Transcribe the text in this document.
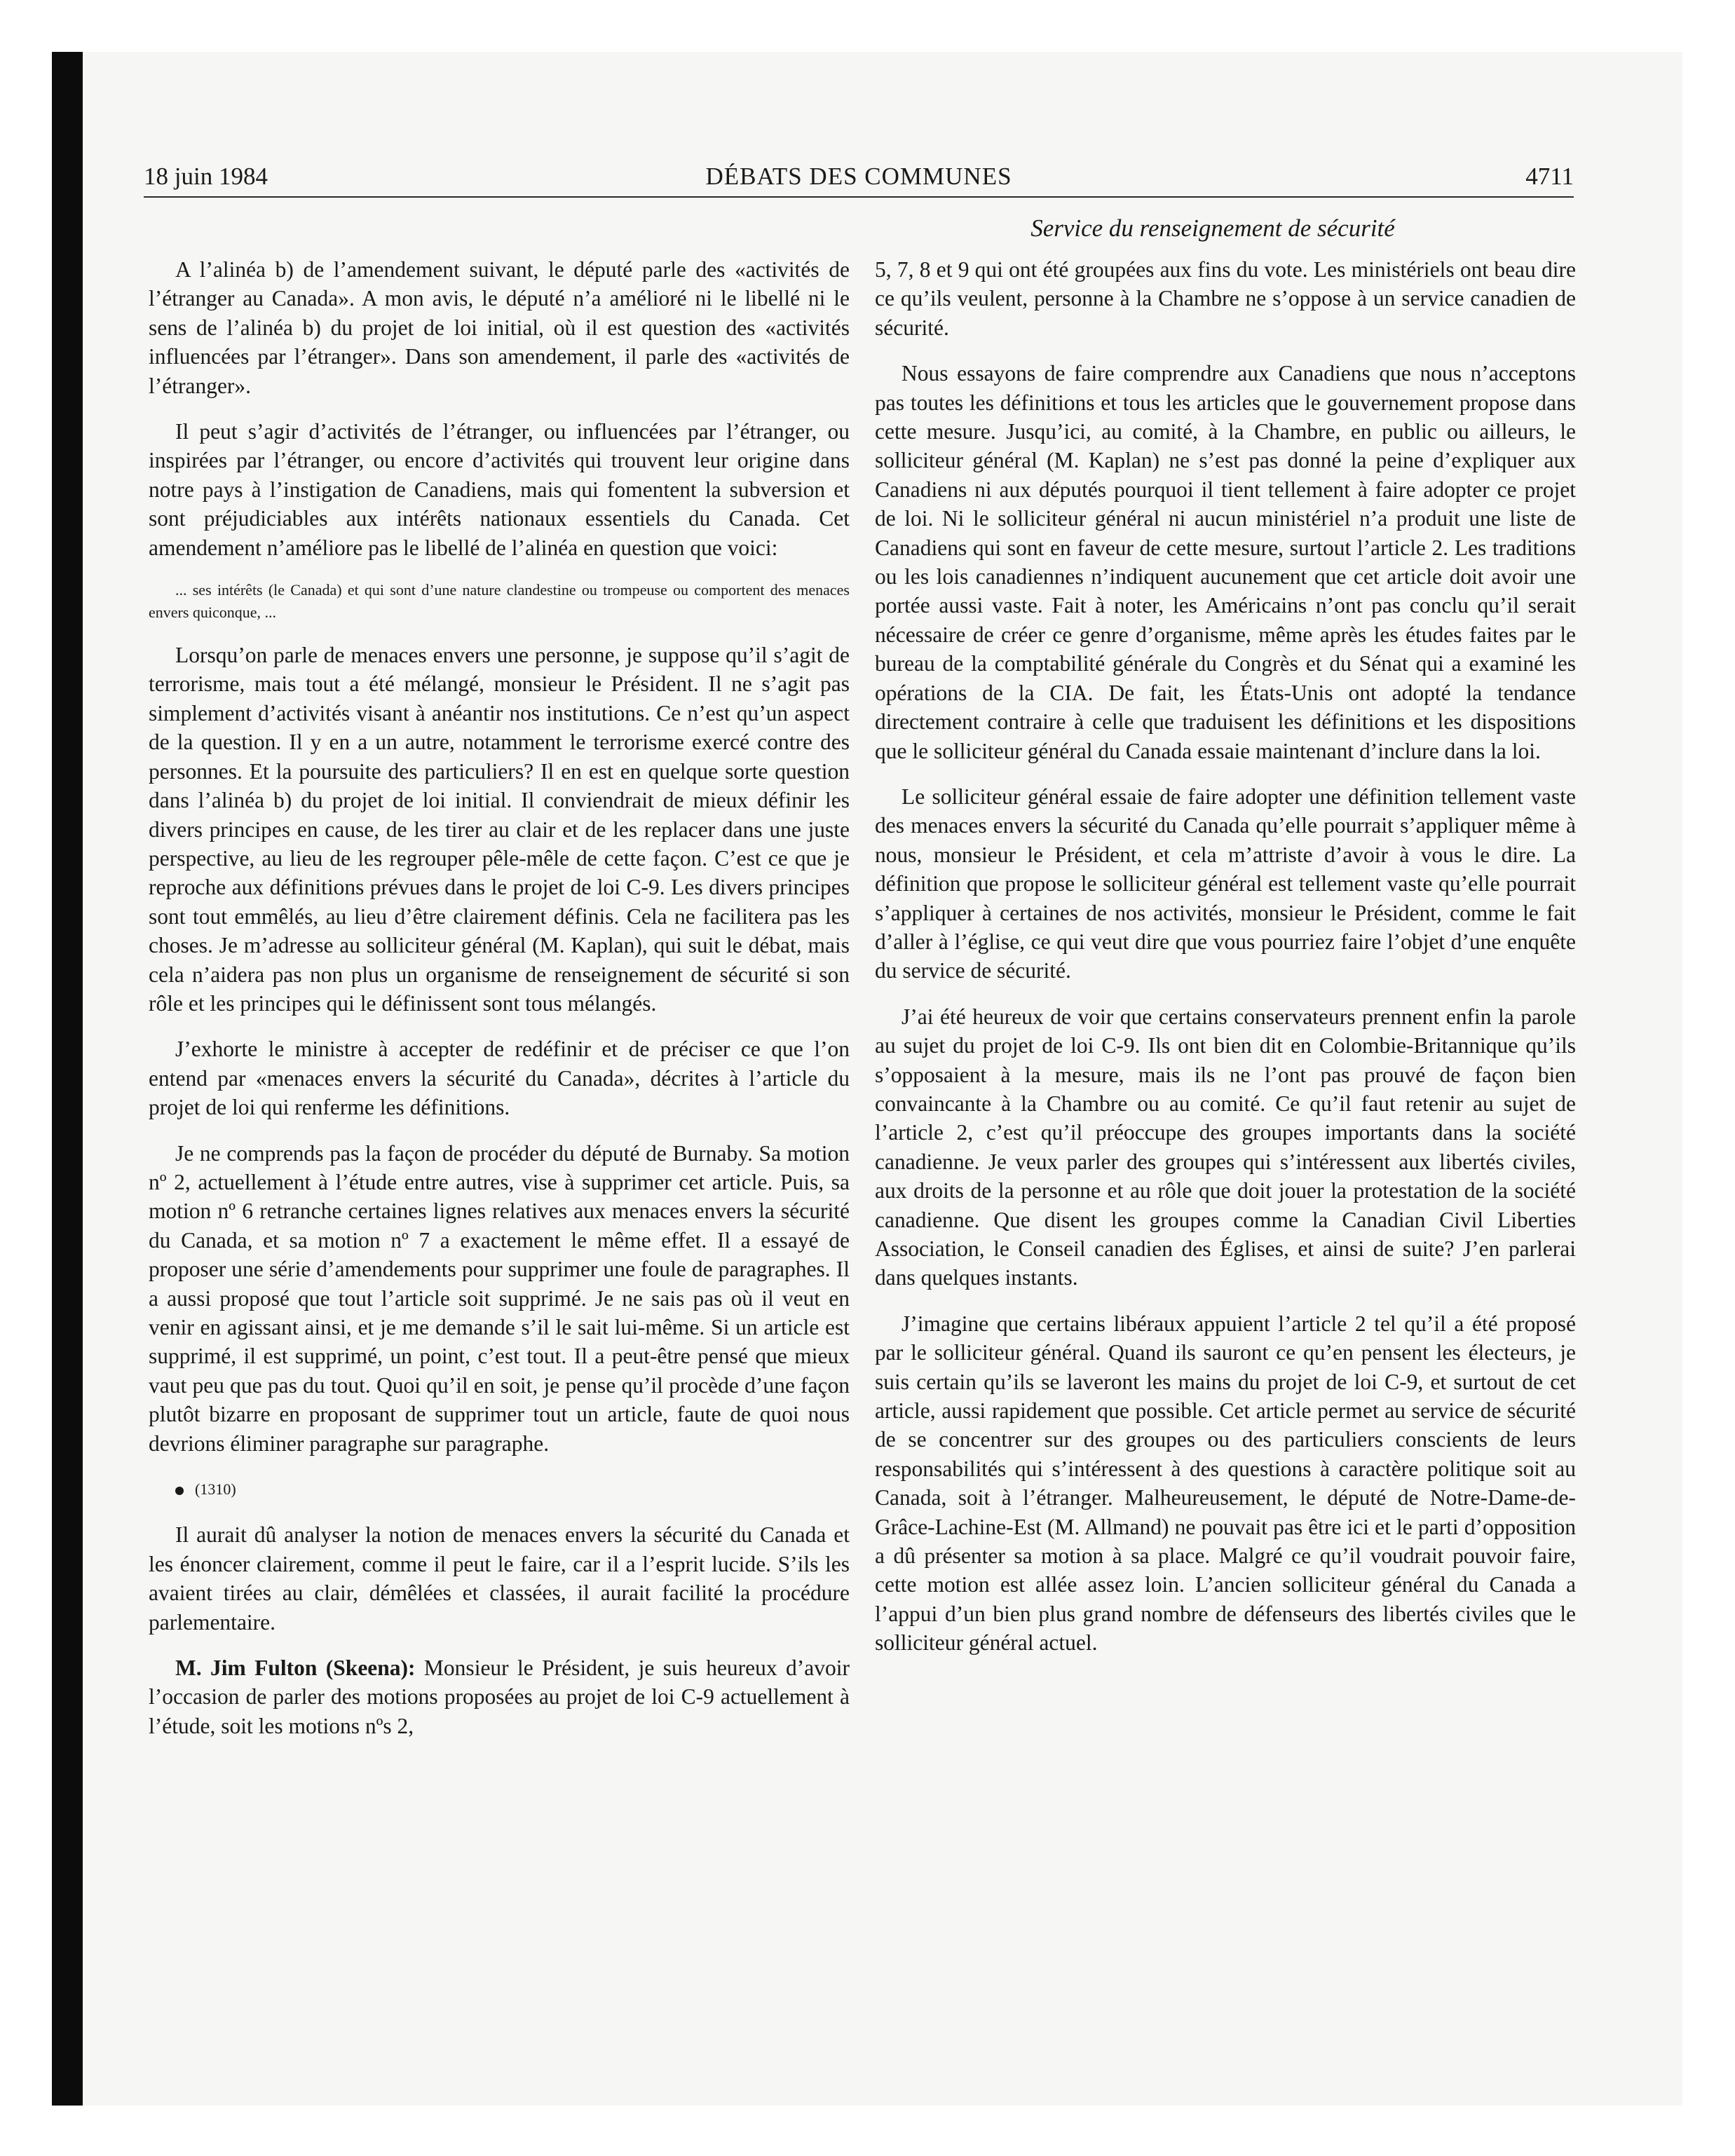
18 juin 1984	DÉBATS DES COMMUNES	4711
Service du renseignement de sécurité

A l’alinéa b) de l’amendement suivant, le député parle des «activités de l’étranger au Canada». A mon avis, le député n’a amélioré ni le libellé ni le sens de l’alinéa b) du projet de loi initial, où il est question des «activités influencées par l’étranger». Dans son amendement, il parle des «activités de l’étranger».

Il peut s’agir d’activités de l’étranger, ou influencées par l’étranger, ou inspirées par l’étranger, ou encore d’activités qui trouvent leur origine dans notre pays à l’instigation de Canadiens, mais qui fomentent la subversion et sont préjudiciables aux intérêts nationaux essentiels du Canada. Cet amendement n’améliore pas le libellé de l’alinéa en question que voici:

... ses intérêts (le Canada) et qui sont d’une nature clandestine ou trompeuse ou comportent des menaces envers quiconque, ...

Lorsqu’on parle de menaces envers une personne, je suppose qu’il s’agit de terrorisme, mais tout a été mélangé, monsieur le Président. Il ne s’agit pas simplement d’activités visant à anéantir nos institutions. Ce n’est qu’un aspect de la question. Il y en a un autre, notamment le terrorisme exercé contre des personnes. Et la poursuite des particuliers? Il en est en quelque sorte question dans l’alinéa b) du projet de loi initial. Il conviendrait de mieux définir les divers principes en cause, de les tirer au clair et de les replacer dans une juste perspective, au lieu de les regrouper pêle-mêle de cette façon. C’est ce que je reproche aux définitions prévues dans le projet de loi C-9. Les divers principes sont tout emmêlés, au lieu d’être clairement définis. Cela ne facilitera pas les choses. Je m’adresse au solliciteur général (M. Kaplan), qui suit le débat, mais cela n’aidera pas non plus un organisme de renseignement de sécurité si son rôle et les principes qui le définissent sont tous mélangés.

J’exhorte le ministre à accepter de redéfinir et de préciser ce que l’on entend par «menaces envers la sécurité du Canada», décrites à l’article du projet de loi qui renferme les définitions.

Je ne comprends pas la façon de procéder du député de Burnaby. Sa motion nº 2, actuellement à l’étude entre autres, vise à supprimer cet article. Puis, sa motion nº 6 retranche certaines lignes relatives aux menaces envers la sécurité du Canada, et sa motion nº 7 a exactement le même effet. Il a essayé de proposer une série d’amendements pour supprimer une foule de paragraphes. Il a aussi proposé que tout l’article soit supprimé. Je ne sais pas où il veut en venir en agissant ainsi, et je me demande s’il le sait lui-même. Si un article est supprimé, il est supprimé, un point, c’est tout. Il a peut-être pensé que mieux vaut peu que pas du tout. Quoi qu’il en soit, je pense qu’il procède d’une façon plutôt bizarre en proposant de supprimer tout un article, faute de quoi nous devrions éliminer paragraphe sur paragraphe.

(1310)

Il aurait dû analyser la notion de menaces envers la sécurité du Canada et les énoncer clairement, comme il peut le faire, car il a l’esprit lucide. S’ils les avaient tirées au clair, démêlées et classées, il aurait facilité la procédure parlementaire.

M. Jim Fulton (Skeena): Monsieur le Président, je suis heureux d’avoir l’occasion de parler des motions proposées au projet de loi C-9 actuellement à l’étude, soit les motions nºs 2,

5, 7, 8 et 9 qui ont été groupées aux fins du vote. Les ministériels ont beau dire ce qu’ils veulent, personne à la Chambre ne s’oppose à un service canadien de sécurité.

Nous essayons de faire comprendre aux Canadiens que nous n’acceptons pas toutes les définitions et tous les articles que le gouvernement propose dans cette mesure. Jusqu’ici, au comité, à la Chambre, en public ou ailleurs, le solliciteur général (M. Kaplan) ne s’est pas donné la peine d’expliquer aux Canadiens ni aux députés pourquoi il tient tellement à faire adopter ce projet de loi. Ni le solliciteur général ni aucun ministériel n’a produit une liste de Canadiens qui sont en faveur de cette mesure, surtout l’article 2. Les traditions ou les lois canadiennes n’indiquent aucunement que cet article doit avoir une portée aussi vaste. Fait à noter, les Américains n’ont pas conclu qu’il serait nécessaire de créer ce genre d’organisme, même après les études faites par le bureau de la comptabilité générale du Congrès et du Sénat qui a examiné les opérations de la CIA. De fait, les États-Unis ont adopté la tendance directement contraire à celle que traduisent les définitions et les dispositions que le solliciteur général du Canada essaie maintenant d’inclure dans la loi.

Le solliciteur général essaie de faire adopter une définition tellement vaste des menaces envers la sécurité du Canada qu’elle pourrait s’appliquer même à nous, monsieur le Président, et cela m’attriste d’avoir à vous le dire. La définition que propose le solliciteur général est tellement vaste qu’elle pourrait s’appliquer à certaines de nos activités, monsieur le Président, comme le fait d’aller à l’église, ce qui veut dire que vous pourriez faire l’objet d’une enquête du service de sécurité.

J’ai été heureux de voir que certains conservateurs prennent enfin la parole au sujet du projet de loi C-9. Ils ont bien dit en Colombie-Britannique qu’ils s’opposaient à la mesure, mais ils ne l’ont pas prouvé de façon bien convaincante à la Chambre ou au comité. Ce qu’il faut retenir au sujet de l’article 2, c’est qu’il préoccupe des groupes importants dans la société canadienne. Je veux parler des groupes qui s’intéressent aux libertés civiles, aux droits de la personne et au rôle que doit jouer la protestation de la société canadienne. Que disent les groupes comme la Canadian Civil Liberties Association, le Conseil canadien des Églises, et ainsi de suite? J’en parlerai dans quelques instants.

J’imagine que certains libéraux appuient l’article 2 tel qu’il a été proposé par le solliciteur général. Quand ils sauront ce qu’en pensent les électeurs, je suis certain qu’ils se laveront les mains du projet de loi C-9, et surtout de cet article, aussi rapidement que possible. Cet article permet au service de sécurité de se concentrer sur des groupes ou des particuliers conscients de leurs responsabilités qui s’intéressent à des questions à caractère politique soit au Canada, soit à l’étranger. Malheureusement, le député de Notre-Dame-de-Grâce-Lachine-Est (M. Allmand) ne pouvait pas être ici et le parti d’opposition a dû présenter sa motion à sa place. Malgré ce qu’il voudrait pouvoir faire, cette motion est allée assez loin. L’ancien solliciteur général du Canada a l’appui d’un bien plus grand nombre de défenseurs des libertés civiles que le solliciteur général actuel.
